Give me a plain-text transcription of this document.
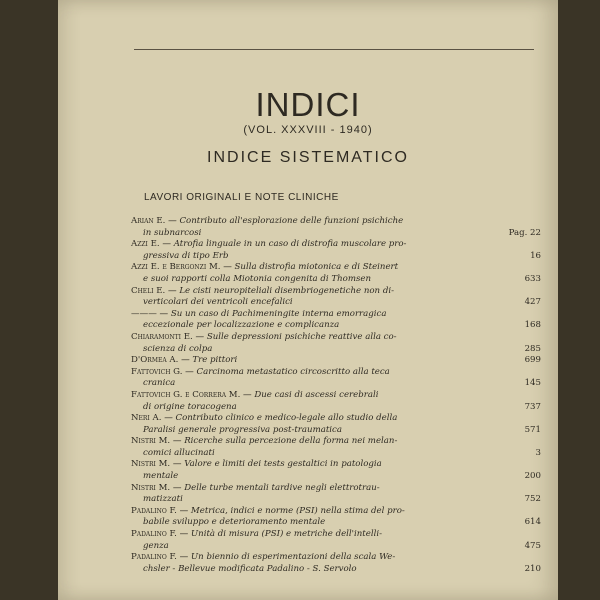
INDICI
(VOL. XXXVIII - 1940)
INDICE SISTEMATICO
LAVORI ORIGINALI E NOTE CLINICHE
Arian E. — Contributo all'esplorazione delle funzioni psichiche
in subnarcosi	Pag. 22
Azzi E. — Atrofia linguale in un caso di distrofia muscolare pro-
gressiva di tipo Erb	16
Azzi E. e Bergonzi M. — Sulla distrofia miotonica e di Steinert
e suoi rapporti colla Miotonia congenita di Thomsen	633
Cheli E. — Le cisti neuropiteliali disembriogenetiche non di-
verticolari dei ventricoli encefalici	427
——— — Su un caso di Pachimeningite interna emorragica
eccezionale per localizzazione e complicanza	168
Chiaramonti E. — Sulle depressioni psichiche reattive alla co-
scienza di colpa	285
D'Ormea A. — Tre pittori	699
Fattovich G. — Carcinoma metastatico circoscritto alla teca
cranica	145
Fattovich G. e Correra M. — Due casi di ascessi cerebrali
di origine toracogena	737
Neri A. — Contributo clinico e medico-legale allo studio della
Paralisi generale progressiva post-traumatica	571
Nistri M. — Ricerche sulla percezione della forma nei melan-
comici allucinati	3
Nistri M. — Valore e limiti dei tests gestaltici in patologia
mentale	200
Nistri M. — Delle turbe mentali tardive negli elettrotrau-
matizzati	752
Padalino F. — Metrica, indici e norme (PSI) nella stima del pro-
babile sviluppo e deterioramento mentale	614
Padalino F. — Unità di misura (PSI) e metriche dell'intelli-
genza	475
Padalino F. — Un biennio di esperimentazioni della scala We-
chsler - Bellevue modificata Padalino - S. Servolo	210
